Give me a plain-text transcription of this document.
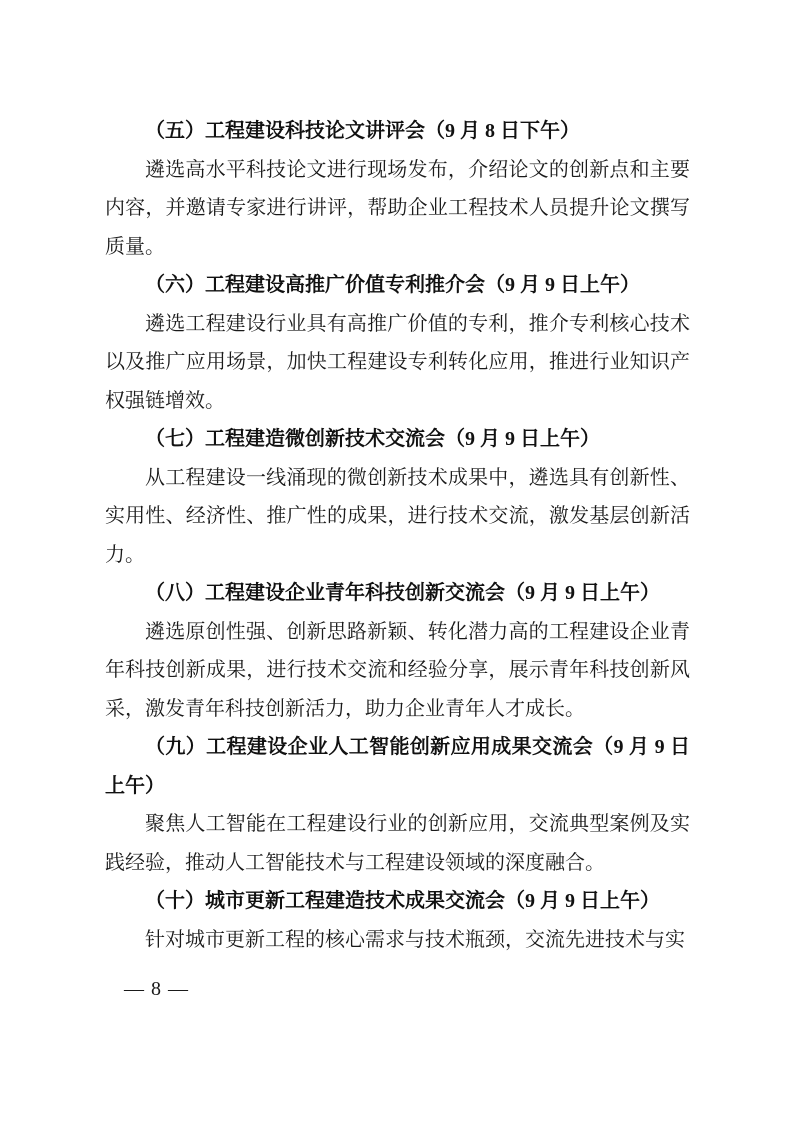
（五）工程建设科技论文讲评会（9 月 8 日下午）

遴选高水平科技论文进行现场发布，介绍论文的创新点和主要内容，并邀请专家进行讲评，帮助企业工程技术人员提升论文撰写质量。

（六）工程建设高推广价值专利推介会（9 月 9 日上午）

遴选工程建设行业具有高推广价值的专利，推介专利核心技术以及推广应用场景，加快工程建设专利转化应用，推进行业知识产权强链增效。

（七）工程建造微创新技术交流会（9 月 9 日上午）

从工程建设一线涌现的微创新技术成果中，遴选具有创新性、实用性、经济性、推广性的成果，进行技术交流，激发基层创新活力。

（八）工程建设企业青年科技创新交流会（9 月 9 日上午）

遴选原创性强、创新思路新颖、转化潜力高的工程建设企业青年科技创新成果，进行技术交流和经验分享，展示青年科技创新风采，激发青年科技创新活力，助力企业青年人才成长。

（九）工程建设企业人工智能创新应用成果交流会（9 月 9 日上午）

聚焦人工智能在工程建设行业的创新应用，交流典型案例及实践经验，推动人工智能技术与工程建设领域的深度融合。

（十）城市更新工程建造技术成果交流会（9 月 9 日上午）

针对城市更新工程的核心需求与技术瓶颈，交流先进技术与实

— 8 —
